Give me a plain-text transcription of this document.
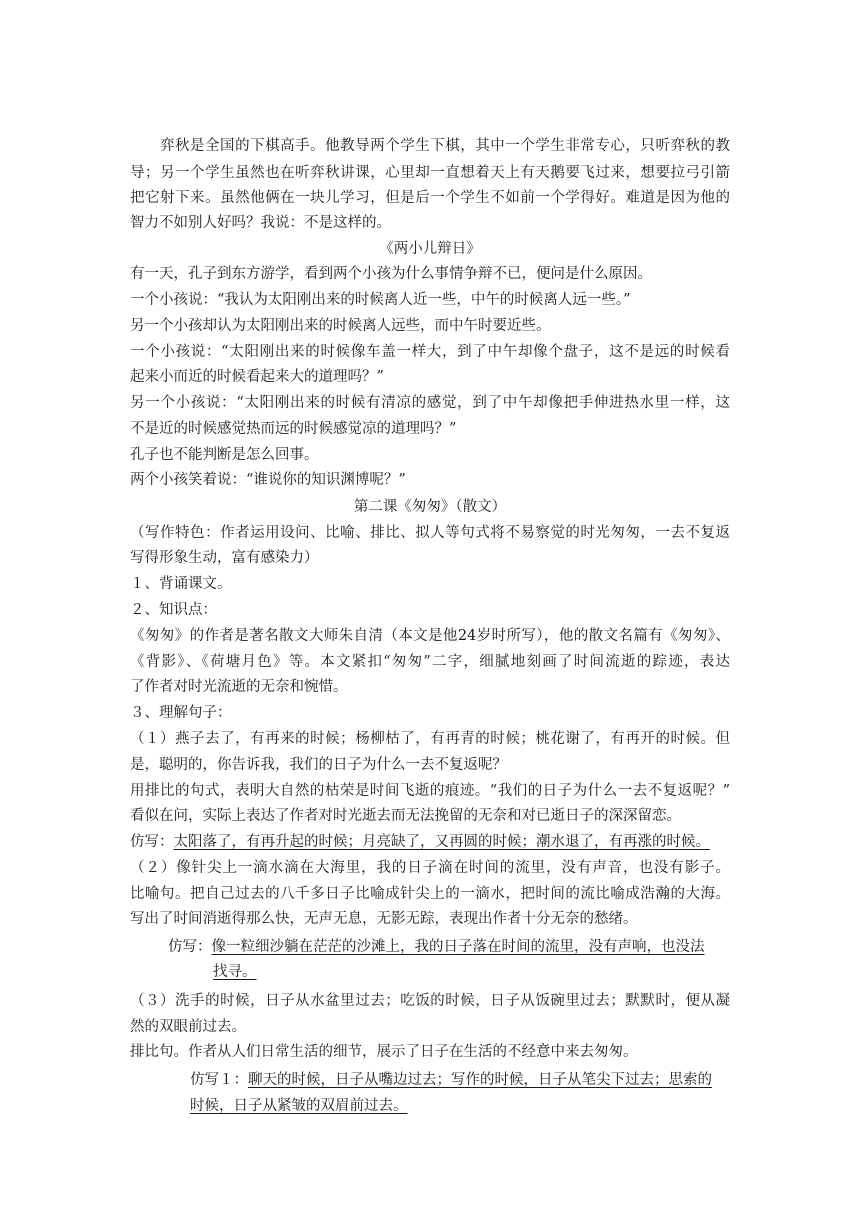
弈秋是全国的下棋高手。他教导两个学生下棋，其中一个学生非常专心，只听弈秋的教
导；另一个学生虽然也在听弈秋讲课，心里却一直想着天上有天鹅要飞过来，想要拉弓引箭
把它射下来。虽然他俩在一块儿学习，但是后一个学生不如前一个学得好。难道是因为他的
智力不如别人好吗？我说：不是这样的。
《两小儿辩日》
有一天，孔子到东方游学，看到两个小孩为什么事情争辩不已，便问是什么原因。
一个小孩说：“我认为太阳刚出来的时候离人近一些，中午的时候离人远一些。”
另一个小孩却认为太阳刚出来的时候离人远些，而中午时要近些。
一个小孩说：“太阳刚出来的时候像车盖一样大，到了中午却像个盘子，这不是远的时候看
起来小而近的时候看起来大的道理吗？”
另一个小孩说：“太阳刚出来的时候有清凉的感觉，到了中午却像把手伸进热水里一样，这
不是近的时候感觉热而远的时候感觉凉的道理吗？”
孔子也不能判断是怎么回事。
两个小孩笑着说：“谁说你的知识渊博呢？”
第二课《匆匆》（散文）
（写作特色：作者运用设问、比喻、排比、拟人等句式将不易察觉的时光匆匆，一去不复返
写得形象生动，富有感染力）
１、背诵课文。
２、知识点：
《匆匆》的作者是著名散文大师朱自清（本文是他24岁时所写），他的散文名篇有《匆匆》、
《背影》、《荷塘月色》等。本文紧扣“匆匆”二字，细腻地刻画了时间流逝的踪迹，表达
了作者对时光流逝的无奈和惋惜。
３、理解句子：
（１）燕子去了，有再来的时候；杨柳枯了，有再青的时候；桃花谢了，有再开的时候。但
是，聪明的，你告诉我，我们的日子为什么一去不复返呢？
用排比的句式，表明大自然的枯荣是时间飞逝的痕迹。“我们的日子为什么一去不复返呢？”
看似在问，实际上表达了作者对时光逝去而无法挽留的无奈和对已逝日子的深深留恋。
仿写：太阳落了，有再升起的时候；月亮缺了，又再圆的时候；潮水退了，有再涨的时候。
（２）像针尖上一滴水滴在大海里，我的日子滴在时间的流里，没有声音，也没有影子。
比喻句。把自己过去的八千多日子比喻成针尖上的一滴水，把时间的流比喻成浩瀚的大海。
写出了时间消逝得那么快，无声无息，无影无踪，表现出作者十分无奈的愁绪。
仿写：像一粒细沙躺在茫茫的沙滩上，我的日子落在时间的流里，没有声响，也没法
找寻。
（３）洗手的时候，日子从水盆里过去；吃饭的时候，日子从饭碗里过去；默默时，便从凝
然的双眼前过去。
排比句。作者从人们日常生活的细节，展示了日子在生活的不经意中来去匆匆。
仿写１：聊天的时候，日子从嘴边过去；写作的时候，日子从笔尖下过去；思索的
时候，日子从紧皱的双眉前过去。
